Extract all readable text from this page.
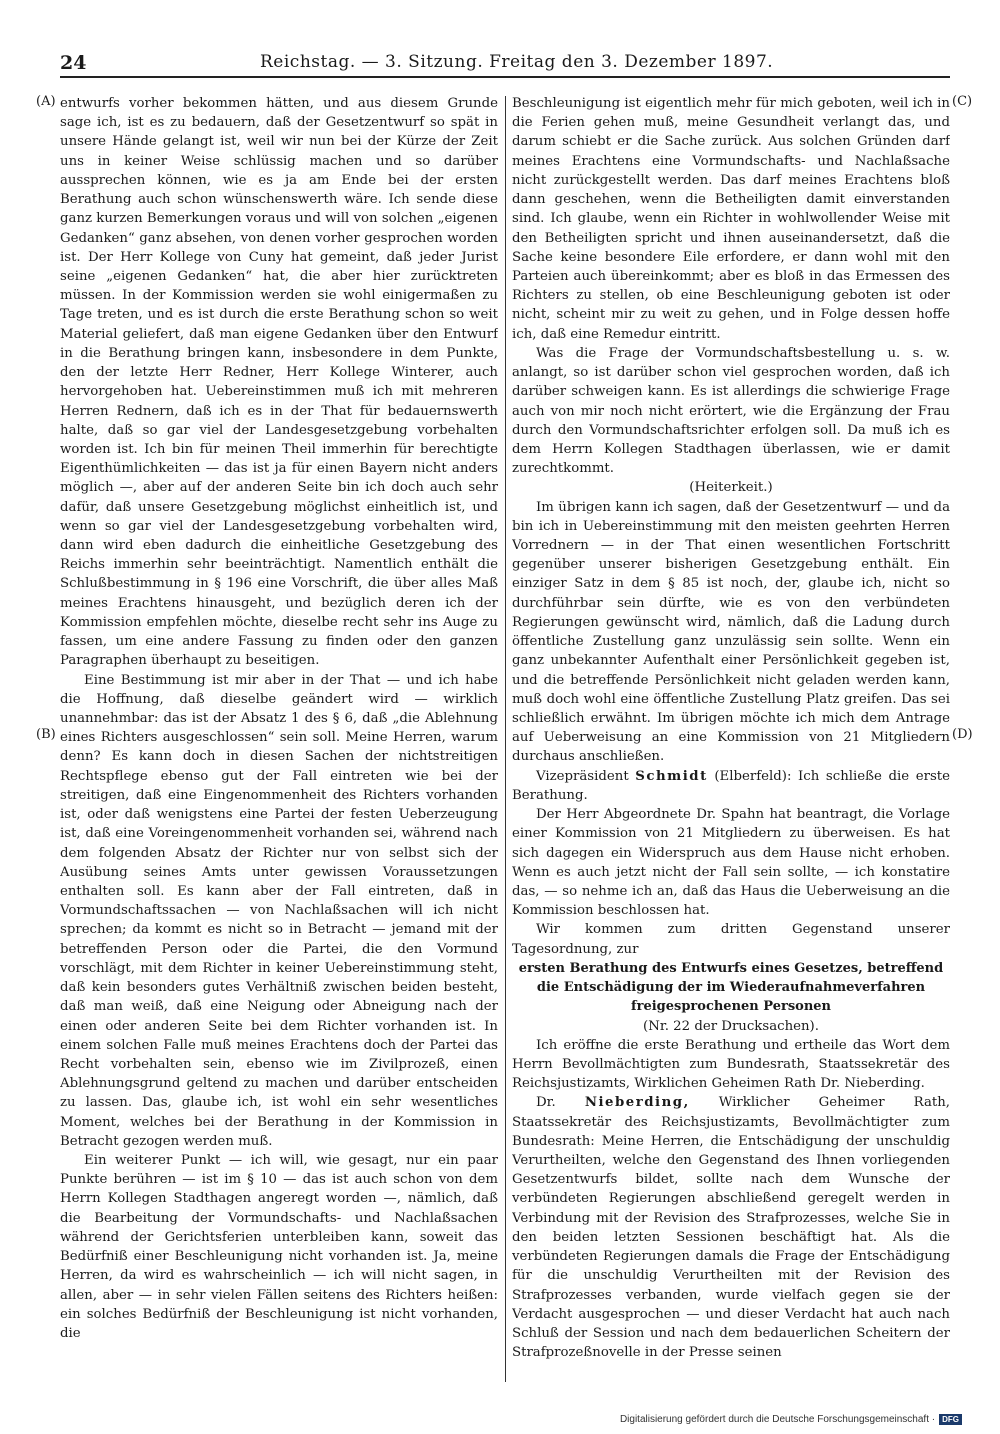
24	Reichstag. — 3. Sitzung. Freitag den 3. Dezember 1897.
(A)
(B)
(C)
(D)

entwurfs vorher bekommen hätten, und aus diesem Grunde sage ich, ist es zu bedauern, daß der Gesetzentwurf so spät in unsere Hände gelangt ist, weil wir nun bei der Kürze der Zeit uns in keiner Weise schlüssig machen und so darüber aussprechen können, wie es ja am Ende bei der ersten Berathung auch schon wünschenswerth wäre. Ich sende diese ganz kurzen Bemerkungen voraus und will von solchen „eigenen Gedanken“ ganz absehen, von denen vorher gesprochen worden ist. Der Herr Kollege von Cuny hat gemeint, daß jeder Jurist seine „eigenen Gedanken“ hat, die aber hier zurücktreten müssen. In der Kommission werden sie wohl einigermaßen zu Tage treten, und es ist durch die erste Berathung schon so weit Material geliefert, daß man eigene Gedanken über den Entwurf in die Berathung bringen kann, insbesondere in dem Punkte, den der letzte Herr Redner, Herr Kollege Winterer, auch hervorgehoben hat. Uebereinstimmen muß ich mit mehreren Herren Rednern, daß ich es in der That für bedauernswerth halte, daß so gar viel der Landesgesetzgebung vorbehalten worden ist. Ich bin für meinen Theil immerhin für berechtigte Eigenthümlichkeiten — das ist ja für einen Bayern nicht anders möglich —, aber auf der anderen Seite bin ich doch auch sehr dafür, daß unsere Gesetzgebung möglichst einheitlich ist, und wenn so gar viel der Landesgesetzgebung vorbehalten wird, dann wird eben dadurch die einheitliche Gesetzgebung des Reichs immerhin sehr beeinträchtigt. Namentlich enthält die Schlußbestimmung in § 196 eine Vorschrift, die über alles Maß meines Erachtens hinausgeht, und bezüglich deren ich der Kommission empfehlen möchte, dieselbe recht sehr ins Auge zu fassen, um eine andere Fassung zu finden oder den ganzen Paragraphen überhaupt zu beseitigen.

Eine Bestimmung ist mir aber in der That — und ich habe die Hoffnung, daß dieselbe geändert wird — wirklich unannehmbar: das ist der Absatz 1 des § 6, daß „die Ablehnung eines Richters ausgeschlossen“ sein soll. Meine Herren, warum denn? Es kann doch in diesen Sachen der nichtstreitigen Rechtspflege ebenso gut der Fall eintreten wie bei der streitigen, daß eine Eingenommenheit des Richters vorhanden ist, oder daß wenigstens eine Partei der festen Ueberzeugung ist, daß eine Voreingenommenheit vorhanden sei, während nach dem folgenden Absatz der Richter nur von selbst sich der Ausübung seines Amts unter gewissen Voraussetzungen enthalten soll. Es kann aber der Fall eintreten, daß in Vormundschaftssachen — von Nachlaßsachen will ich nicht sprechen; da kommt es nicht so in Betracht — jemand mit der betreffenden Person oder die Partei, die den Vormund vorschlägt, mit dem Richter in keiner Uebereinstimmung steht, daß kein besonders gutes Verhältniß zwischen beiden besteht, daß man weiß, daß eine Neigung oder Abneigung nach der einen oder anderen Seite bei dem Richter vorhanden ist. In einem solchen Falle muß meines Erachtens doch der Partei das Recht vorbehalten sein, ebenso wie im Zivilprozeß, einen Ablehnungsgrund geltend zu machen und darüber entscheiden zu lassen. Das, glaube ich, ist wohl ein sehr wesentliches Moment, welches bei der Berathung in der Kommission in Betracht gezogen werden muß.

Ein weiterer Punkt — ich will, wie gesagt, nur ein paar Punkte berühren — ist im § 10 — das ist auch schon von dem Herrn Kollegen Stadthagen angeregt worden —, nämlich, daß die Bearbeitung der Vormundschafts- und Nachlaßsachen während der Gerichtsferien unterbleiben kann, soweit das Bedürfniß einer Beschleunigung nicht vorhanden ist. Ja, meine Herren, da wird es wahrscheinlich — ich will nicht sagen, in allen, aber — in sehr vielen Fällen seitens des Richters heißen: ein solches Bedürfniß der Beschleunigung ist nicht vorhanden, die

Beschleunigung ist eigentlich mehr für mich geboten, weil ich in die Ferien gehen muß, meine Gesundheit verlangt das, und darum schiebt er die Sache zurück. Aus solchen Gründen darf meines Erachtens eine Vormundschafts- und Nachlaßsache nicht zurückgestellt werden. Das darf meines Erachtens bloß dann geschehen, wenn die Betheiligten damit einverstanden sind. Ich glaube, wenn ein Richter in wohlwollender Weise mit den Betheiligten spricht und ihnen auseinandersetzt, daß die Sache keine besondere Eile erfordere, er dann wohl mit den Parteien auch übereinkommt; aber es bloß in das Ermessen des Richters zu stellen, ob eine Beschleunigung geboten ist oder nicht, scheint mir zu weit zu gehen, und in Folge dessen hoffe ich, daß eine Remedur eintritt.

Was die Frage der Vormundschaftsbestellung u. s. w. anlangt, so ist darüber schon viel gesprochen worden, daß ich darüber schweigen kann. Es ist allerdings die schwierige Frage auch von mir noch nicht erörtert, wie die Ergänzung der Frau durch den Vormundschaftsrichter erfolgen soll. Da muß ich es dem Herrn Kollegen Stadthagen überlassen, wie er damit zurechtkommt.

(Heiterkeit.)

Im übrigen kann ich sagen, daß der Gesetzentwurf — und da bin ich in Uebereinstimmung mit den meisten geehrten Herren Vorrednern — in der That einen wesentlichen Fortschritt gegenüber unserer bisherigen Gesetzgebung enthält. Ein einziger Satz in dem § 85 ist noch, der, glaube ich, nicht so durchführbar sein dürfte, wie es von den verbündeten Regierungen gewünscht wird, nämlich, daß die Ladung durch öffentliche Zustellung ganz unzulässig sein sollte. Wenn ein ganz unbekannter Aufenthalt einer Persönlichkeit gegeben ist, und die betreffende Persönlichkeit nicht geladen werden kann, muß doch wohl eine öffentliche Zustellung Platz greifen. Das sei schließlich erwähnt. Im übrigen möchte ich mich dem Antrage auf Ueberweisung an eine Kommission von 21 Mitgliedern durchaus anschließen.

Vizepräsident Schmidt (Elberfeld): Ich schließe die erste Berathung.

Der Herr Abgeordnete Dr. Spahn hat beantragt, die Vorlage einer Kommission von 21 Mitgliedern zu überweisen. Es hat sich dagegen ein Widerspruch aus dem Hause nicht erhoben. Wenn es auch jetzt nicht der Fall sein sollte, — ich konstatire das, — so nehme ich an, daß das Haus die Ueberweisung an die Kommission beschlossen hat.

Wir kommen zum dritten Gegenstand unserer Tagesordnung, zur

ersten Berathung des Entwurfs eines Gesetzes, betreffend die Entschädigung der im Wiederaufnahmeverfahren freigesprochenen Personen

(Nr. 22 der Drucksachen).

Ich eröffne die erste Berathung und ertheile das Wort dem Herrn Bevollmächtigten zum Bundesrath, Staatssekretär des Reichsjustizamts, Wirklichen Geheimen Rath Dr. Nieberding.

Dr. Nieberding, Wirklicher Geheimer Rath, Staatssekretär des Reichsjustizamts, Bevollmächtigter zum Bundesrath: Meine Herren, die Entschädigung der unschuldig Verurtheilten, welche den Gegenstand des Ihnen vorliegenden Gesetzentwurfs bildet, sollte nach dem Wunsche der verbündeten Regierungen abschließend geregelt werden in Verbindung mit der Revision des Strafprozesses, welche Sie in den beiden letzten Sessionen beschäftigt hat. Als die verbündeten Regierungen damals die Frage der Entschädigung für die unschuldig Verurtheilten mit der Revision des Strafprozesses verbanden, wurde vielfach gegen sie der Verdacht ausgesprochen — und dieser Verdacht hat auch nach Schluß der Session und nach dem bedauerlichen Scheitern der Strafprozeßnovelle in der Presse seinen

Digitalisierung gefördert durch die Deutsche Forschungsgemeinschaft · DFG
